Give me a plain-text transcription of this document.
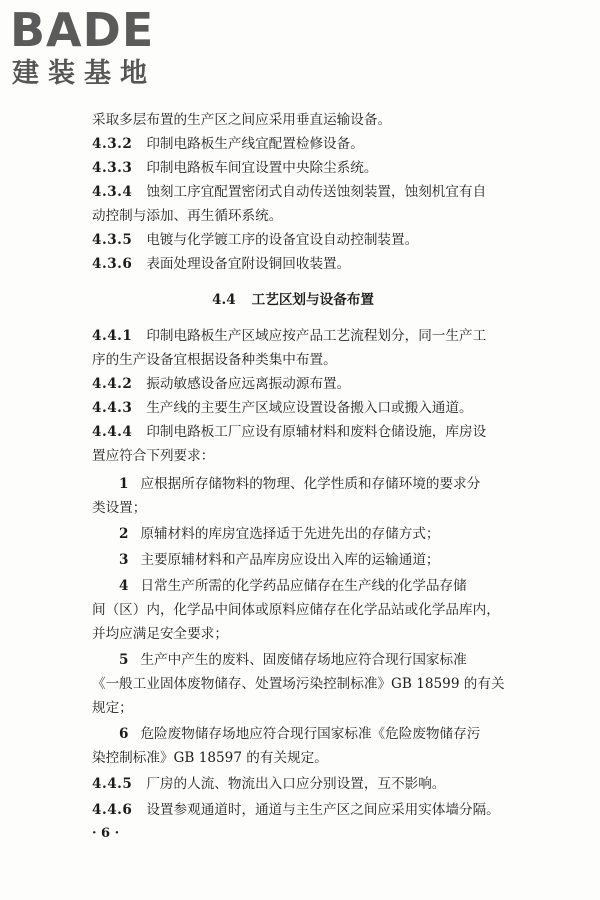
BADE
建装基地
采取多层布置的生产区之间应采用垂直运输设备。
4.3.2 印制电路板生产线宜配置检修设备。
4.3.3 印制电路板车间宜设置中央除尘系统。
4.3.4 蚀刻工序宜配置密闭式自动传送蚀刻装置，蚀刻机宜有自
动控制与添加、再生循环系统。
4.3.5 电镀与化学镀工序的设备宜设自动控制装置。
4.3.6 表面处理设备宜附设铜回收装置。
4.4 工艺区划与设备布置
4.4.1 印制电路板生产区域应按产品工艺流程划分，同一生产工
序的生产设备宜根据设备种类集中布置。
4.4.2 振动敏感设备应远离振动源布置。
4.4.3 生产线的主要生产区域应设置设备搬入口或搬入通道。
4.4.4 印制电路板工厂应设有原辅材料和废料仓储设施，库房设
置应符合下列要求：
1 应根据所存储物料的物理、化学性质和存储环境的要求分
类设置；
2 原辅材料的库房宜选择适于先进先出的存储方式；
3 主要原辅材料和产品库房应设出入库的运输通道；
4 日常生产所需的化学药品应储存在生产线的化学品存储
间（区）内，化学品中间体或原料应储存在化学品站或化学品库内，
并均应满足安全要求；
5 生产中产生的废料、固废储存场地应符合现行国家标准
《一般工业固体废物储存、处置场污染控制标准》GB 18599 的有关
规定；
6 危险废物储存场地应符合现行国家标准《危险废物储存污
染控制标准》GB 18597 的有关规定。
4.4.5 厂房的人流、物流出入口应分别设置，互不影响。
4.4.6 设置参观通道时，通道与主生产区之间应采用实体墙分隔。
· 6 ·
